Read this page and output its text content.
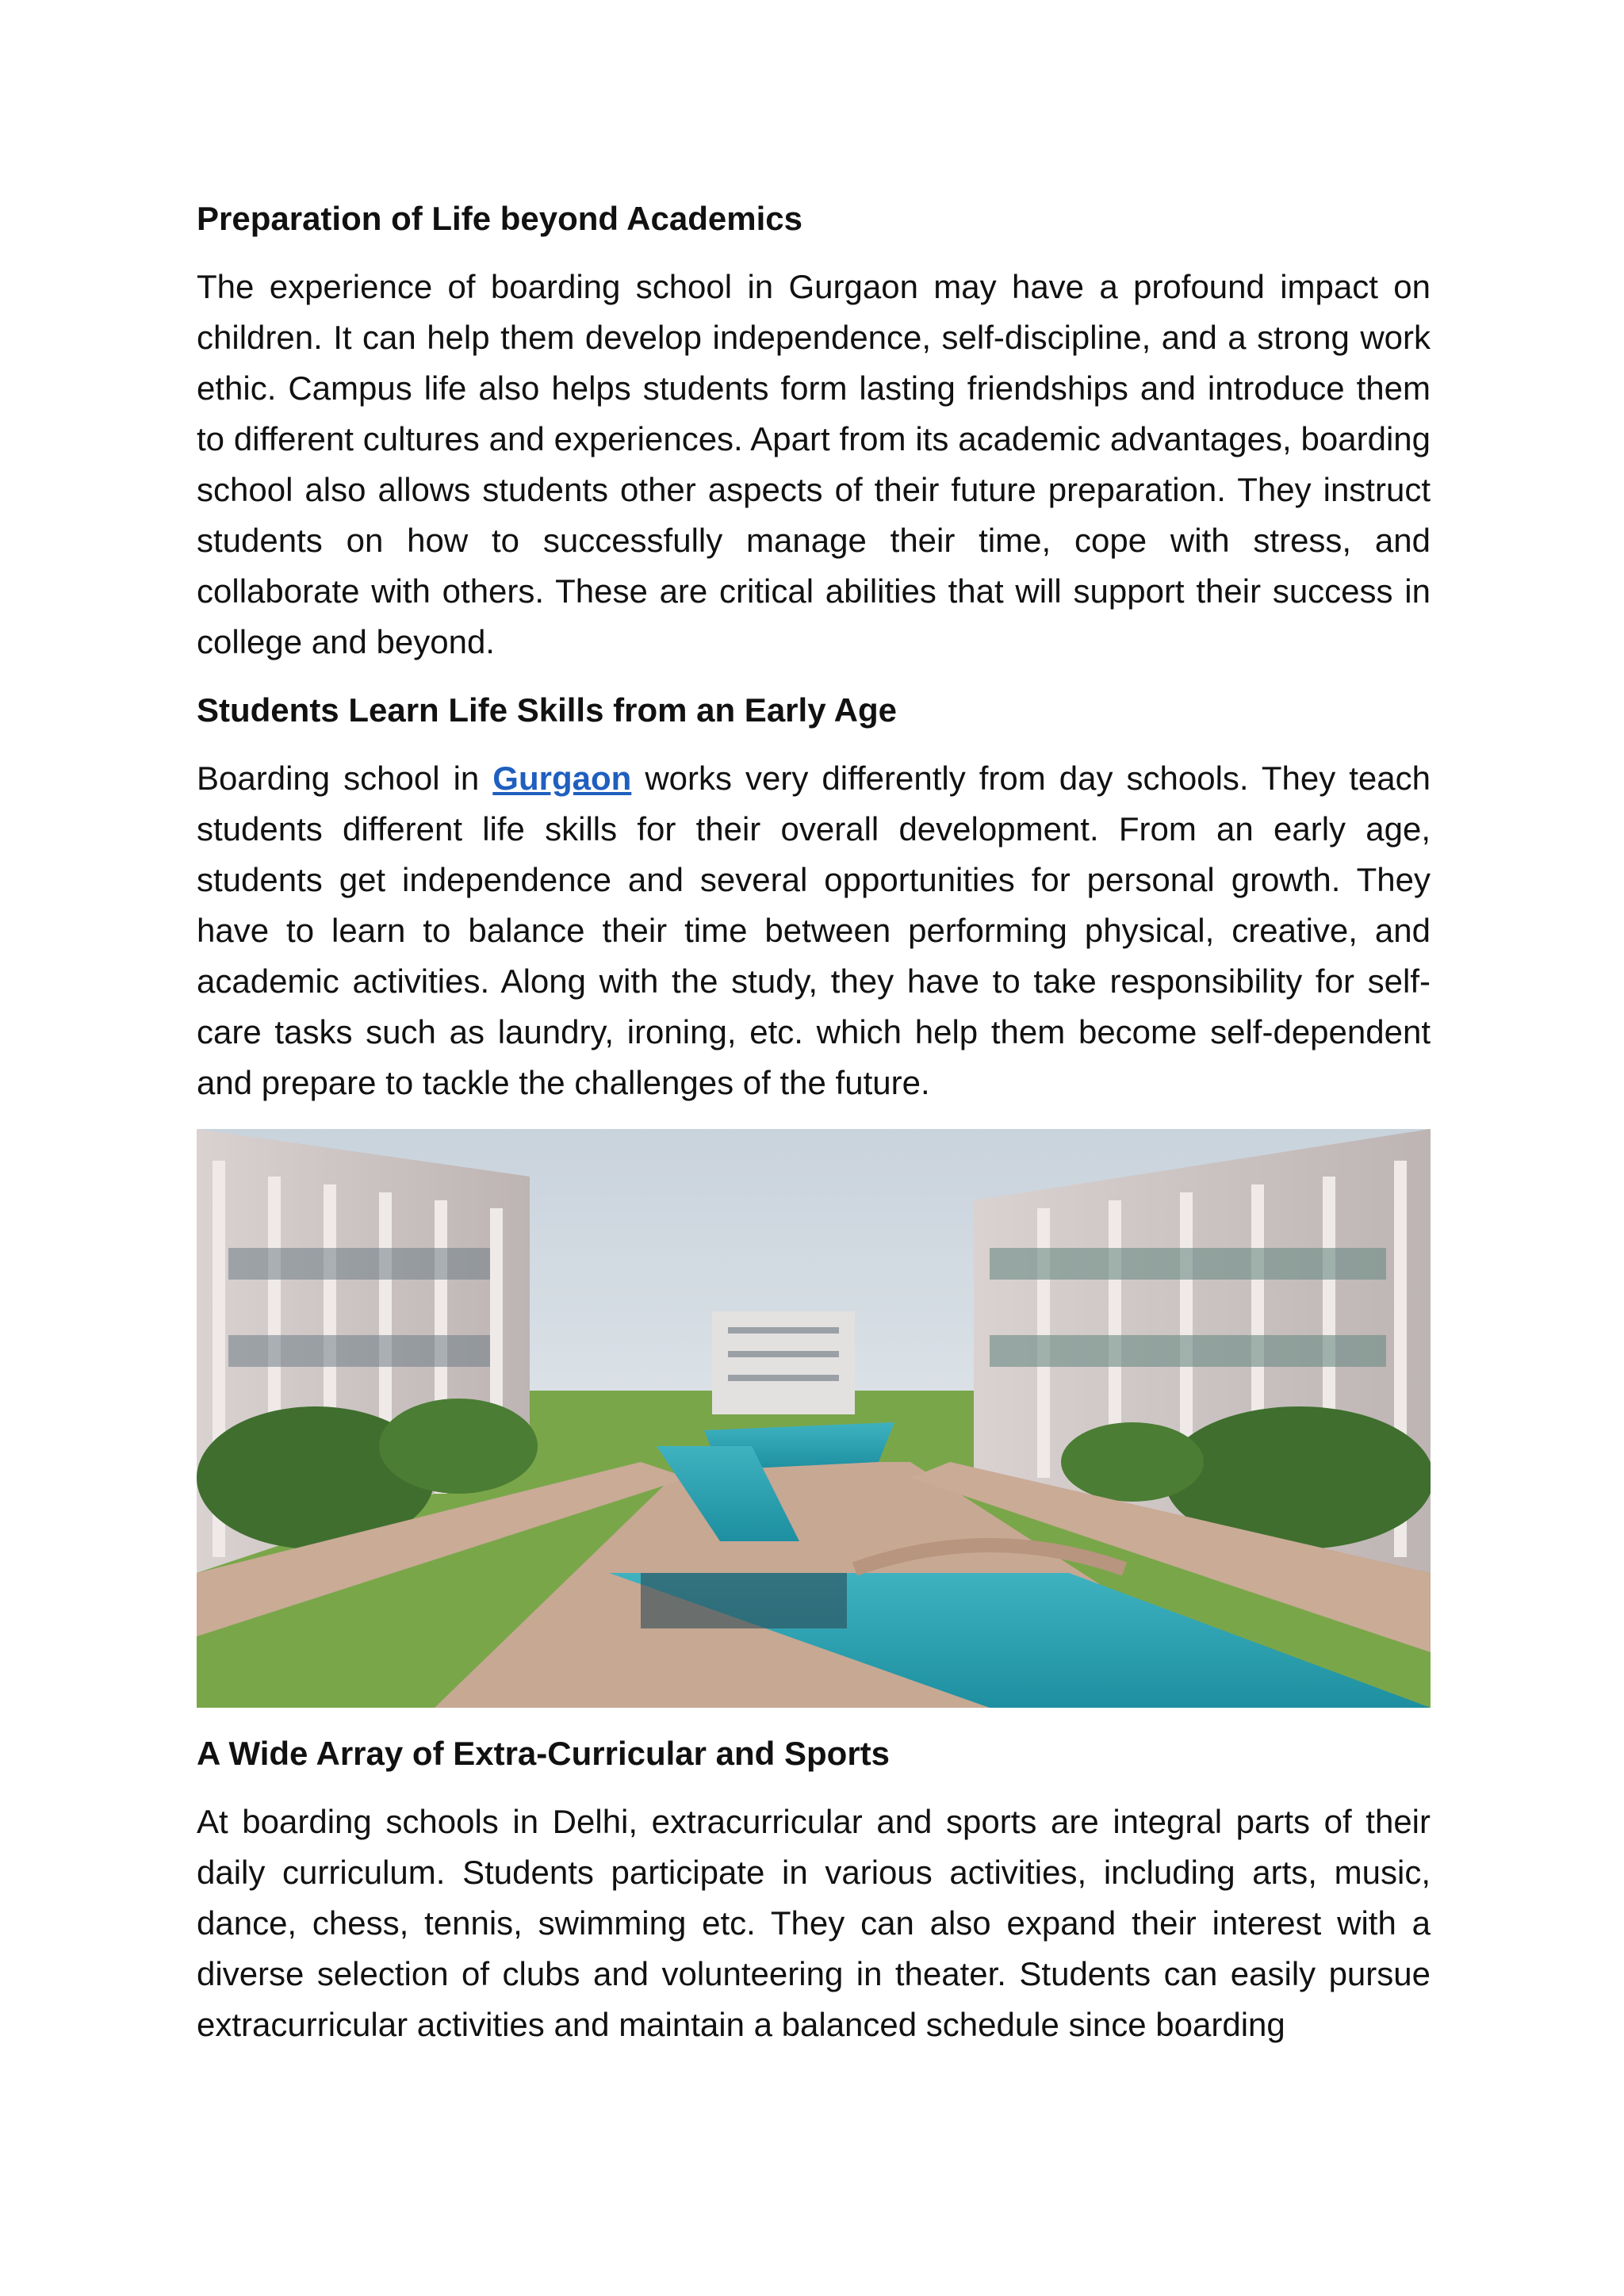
Preparation of Life beyond Academics

The experience of boarding school in Gurgaon may have a profound impact on children. It can help them develop independence, self-discipline, and a strong work ethic. Campus life also helps students form lasting friendships and introduce them to different cultures and experiences. Apart from its academic advantages, boarding school also allows students other aspects of their future preparation. They instruct students on how to successfully manage their time, cope with stress, and collaborate with others. These are critical abilities that will support their success in college and beyond.

Students Learn Life Skills from an Early Age

Boarding school in Gurgaon works very differently from day schools. They teach students different life skills for their overall development. From an early age, students get independence and several opportunities for personal growth. They have to learn to balance their time between performing physical, creative, and academic activities. Along with the study, they have to take responsibility for self-care tasks such as laundry, ironing, etc. which help them become self-dependent and prepare to tackle the challenges of the future.

A Wide Array of Extra-Curricular and Sports

At boarding schools in Delhi, extracurricular and sports are integral parts of their daily curriculum. Students participate in various activities, including arts, music, dance, chess, tennis, swimming etc. They can also expand their interest with a diverse selection of clubs and volunteering in theater. Students can easily pursue extracurricular activities and maintain a balanced schedule since boarding
